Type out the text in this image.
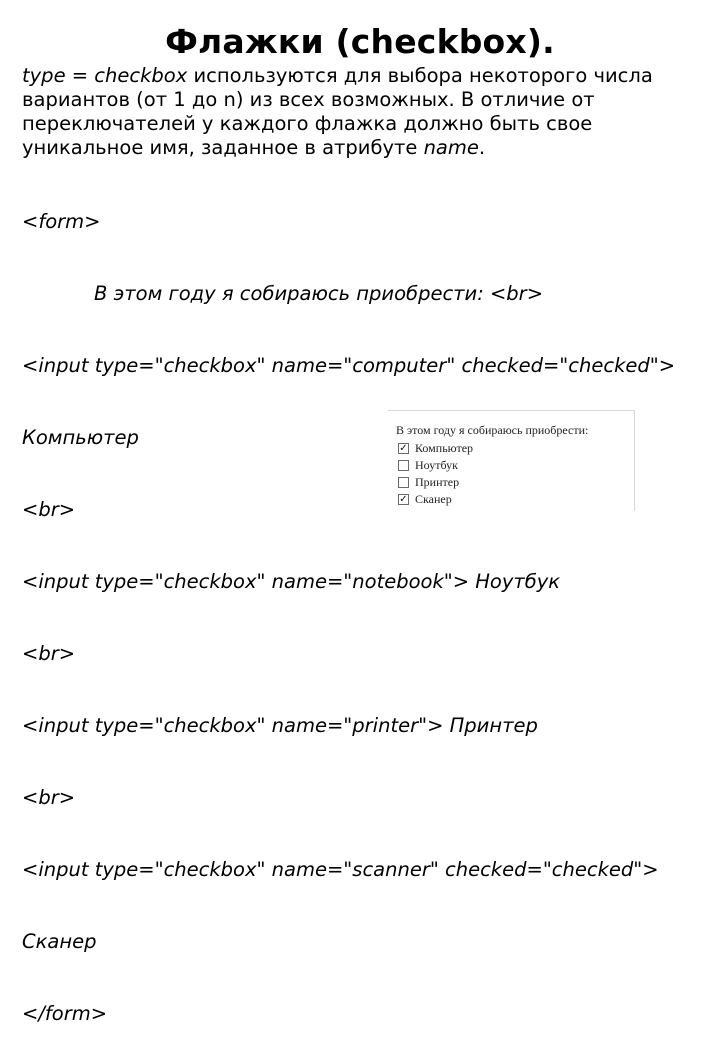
Флажки (checkbox).
type = checkbox используются для выбора некоторого числа
вариантов (от 1 до n) из всех возможных. В отличие от
переключателей у каждого флажка должно быть свое
уникальное имя, заданное в атрибуте name.

<form>

В этом году я собираюсь приобрести: <br>

<input type="checkbox" name="computer" checked="checked">

Компьютер

<br>

<input type="checkbox" name="notebook"> Ноутбук

<br>

<input type="checkbox" name="printer"> Принтер

<br>

<input type="checkbox" name="scanner" checked="checked">

Сканер

</form>

В этом году я собираюсь приобрести:
✓ Компьютер
Ноутбук
Принтер
✓ Сканер
